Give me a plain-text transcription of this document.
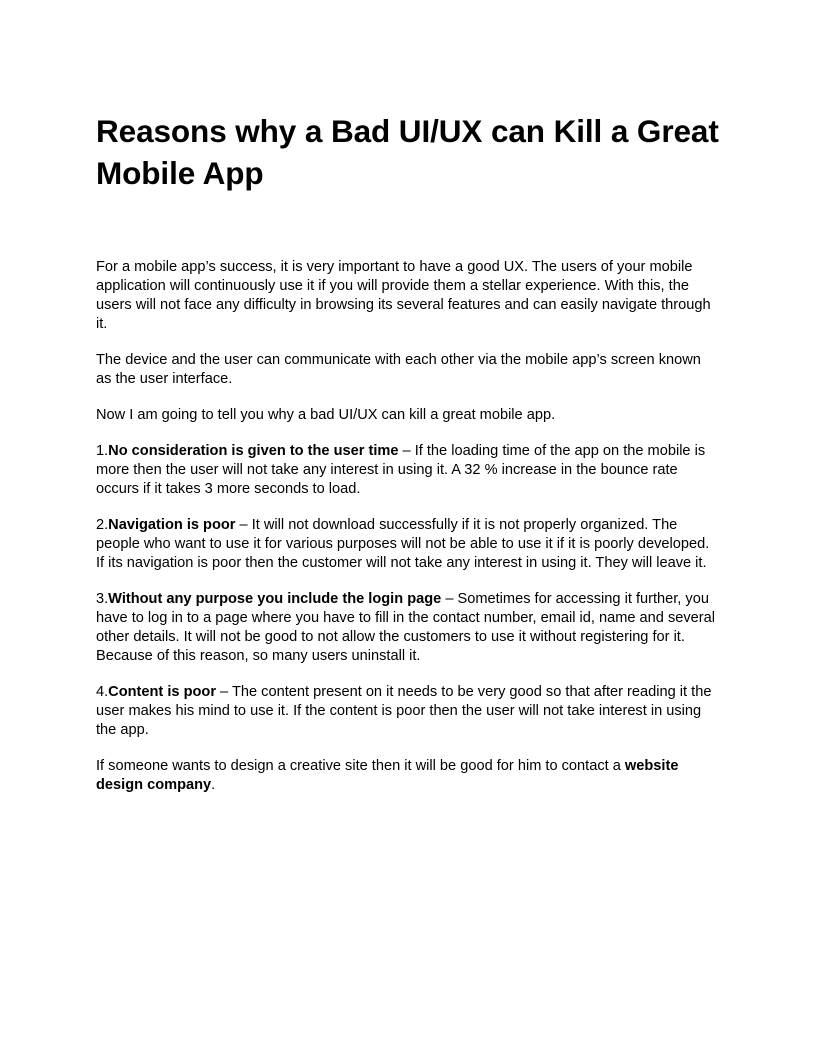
Reasons why a Bad UI/UX can Kill a Great Mobile App

For a mobile app’s success, it is very important to have a good UX. The users of your mobile application will continuously use it if you will provide them a stellar experience. With this, the users will not face any difficulty in browsing its several features and can easily navigate through it.

The device and the user can communicate with each other via the mobile app’s screen known as the user interface.

Now I am going to tell you why a bad UI/UX can kill a great mobile app.

1.No consideration is given to the user time – If the loading time of the app on the mobile is more then the user will not take any interest in using it. A 32 % increase in the bounce rate occurs if it takes 3 more seconds to load.

2.Navigation is poor – It will not download successfully if it is not properly organized. The people who want to use it for various purposes will not be able to use it if it is poorly developed. If its navigation is poor then the customer will not take any interest in using it. They will leave it.

3.Without any purpose you include the login page – Sometimes for accessing it further, you have to log in to a page where you have to fill in the contact number, email id, name and several other details. It will not be good to not allow the customers to use it without registering for it. Because of this reason, so many users uninstall it.

4.Content is poor – The content present on it needs to be very good so that after reading it the user makes his mind to use it. If the content is poor then the user will not take interest in using the app.

If someone wants to design a creative site then it will be good for him to contact a website design company.
